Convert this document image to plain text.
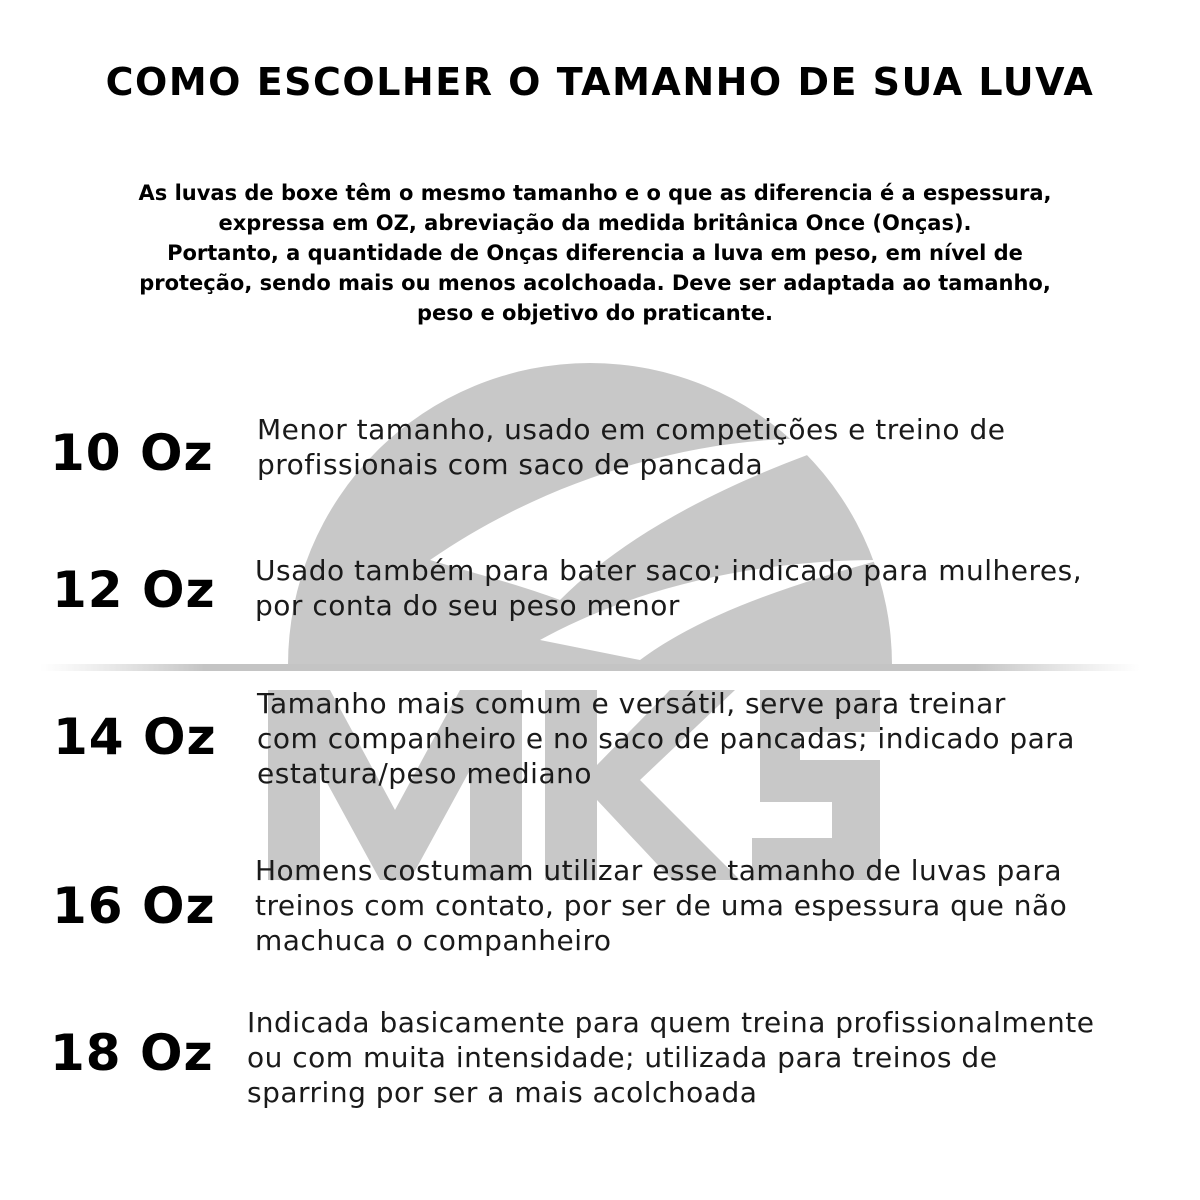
COMO ESCOLHER O TAMANHO DE SUA LUVA

As luvas de boxe têm o mesmo tamanho e o que as diferencia é a espessura,
expressa em OZ, abreviação da medida britânica Once (Onças).
Portanto, a quantidade de Onças diferencia a luva em peso, em nível de
proteção, sendo mais ou menos acolchoada. Deve ser adaptada ao tamanho,
peso e objetivo do praticante.

10 Oz Menor tamanho, usado em competições e treino de
profissionais com saco de pancada
12 Oz Usado também para bater saco; indicado para mulheres,
por conta do seu peso menor
14 Oz
Tamanho mais comum e versátil, serve para treinar
com companheiro e no saco de pancadas; indicado para
estatura/peso mediano
16 Oz
Homens costumam utilizar esse tamanho de luvas para
treinos com contato, por ser de uma espessura que não
machuca o companheiro
18 Oz
Indicada basicamente para quem treina profissionalmente
ou com muita intensidade; utilizada para treinos de
sparring por ser a mais acolchoada
